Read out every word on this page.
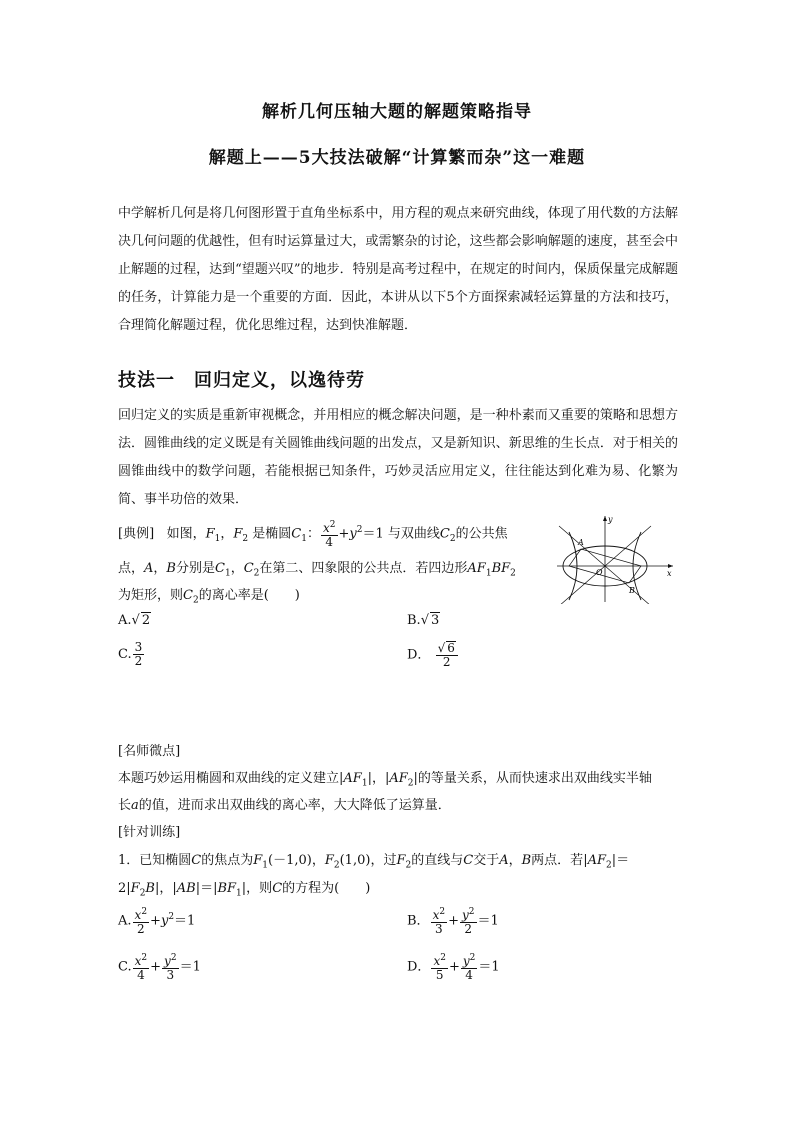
解析几何压轴大题的解题策略指导
解题上——5大技法破解“计算繁而杂”这一难题
中学解析几何是将几何图形置于直角坐标系中，用方程的观点来研究曲线，体现了用代数的方法解决几何问题的优越性，但有时运算量过大，或需繁杂的讨论，这些都会影响解题的速度，甚至会中止解题的过程，达到“望题兴叹”的地步．特别是高考过程中，在规定的时间内，保质保量完成解题的任务，计算能力是一个重要的方面．因此，本讲从以下5个方面探索减轻运算量的方法和技巧，合理简化解题过程，优化思维过程，达到快准解题．
技法一　回归定义，以逸待劳
回归定义的实质是重新审视概念，并用相应的概念解决问题，是一种朴素而又重要的策略和思想方法．圆锥曲线的定义既是有关圆锥曲线问题的出发点，又是新知识、新思维的生长点．对于相关的圆锥曲线中的数学问题，若能根据已知条件，巧妙灵活应用定义，往往能达到化难为易、化繁为简、事半功倍的效果．
[典例] 如图，$F_1$，$F_2$ 是椭圆$C_1$： $\frac{x^2}{4} +y^2=1$ 与双曲线$C_2$的公共焦
点，A，B分别是$C_1$，$C_2$在第二、四象限的公共点．若四边形$AF_1BF_2$
为矩形，则$C_2$的离心率是(　　)
y
x
O
A
B
A.√ 2	B.√ 3
C. $\frac{3}{2}$	D． $\frac{√ 6}{2}$
[名师微点]
本题巧妙运用椭圆和双曲线的定义建立$|AF_1|$，$|AF_2|$的等量关系，从而快速求出双曲线实半轴
长a的值，进而求出双曲线的离心率，大大降低了运算量．
[针对训练]
1．已知椭圆C的焦点为$F_1(-1,0)$，$F_2(1,0)$，过$F_2$的直线与C交于A，B两点．若$|AF_2|=$
$2|F_2B|$，$|AB|=|BF_1|$，则C的方程为(　　)
A. $\frac{x^2}{2} +y^2=1$	B． $\frac{x^2}{3} + \frac{y^2}{2} =1$
C. $\frac{x^2}{4} + \frac{y^2}{3} =1$	D． $\frac{x^2}{5} + \frac{y^2}{4} =1$
